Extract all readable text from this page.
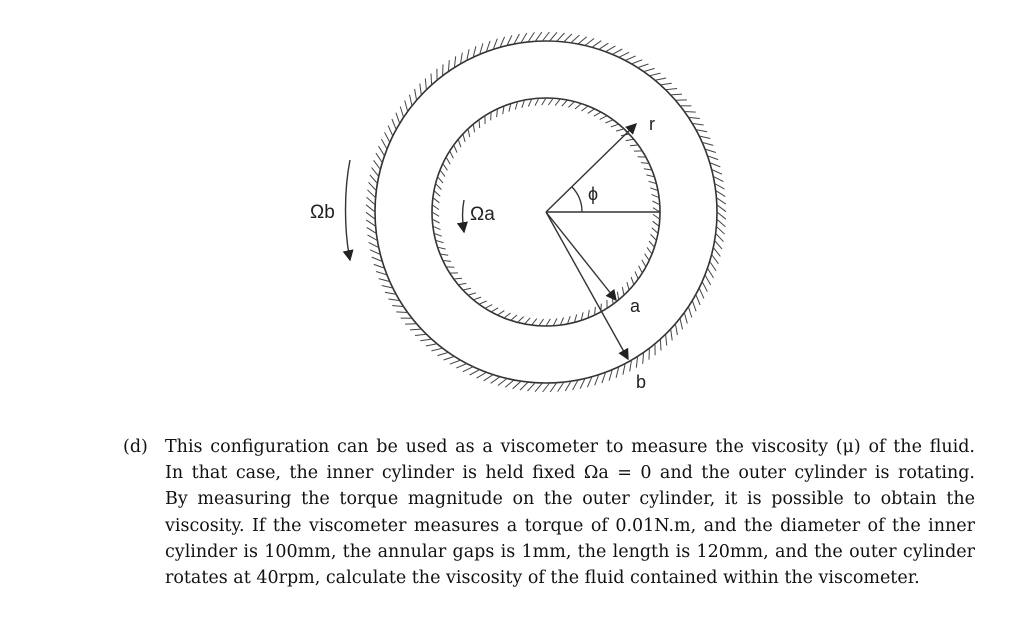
Ωb	Ωa
ϕ
r
a
b
(d) This configuration can be used as a viscometer to measure the viscosity (μ) of the fluid.
In that case, the inner cylinder is held fixed Ωa = 0 and the outer cylinder is rotating.
By measuring the torque magnitude on the outer cylinder, it is possible to obtain the
viscosity. If the viscometer measures a torque of 0.01N.m, and the diameter of the inner
cylinder is 100mm, the annular gaps is 1mm, the length is 120mm, and the outer cylinder
rotates at 40rpm, calculate the viscosity of the fluid contained within the viscometer.
